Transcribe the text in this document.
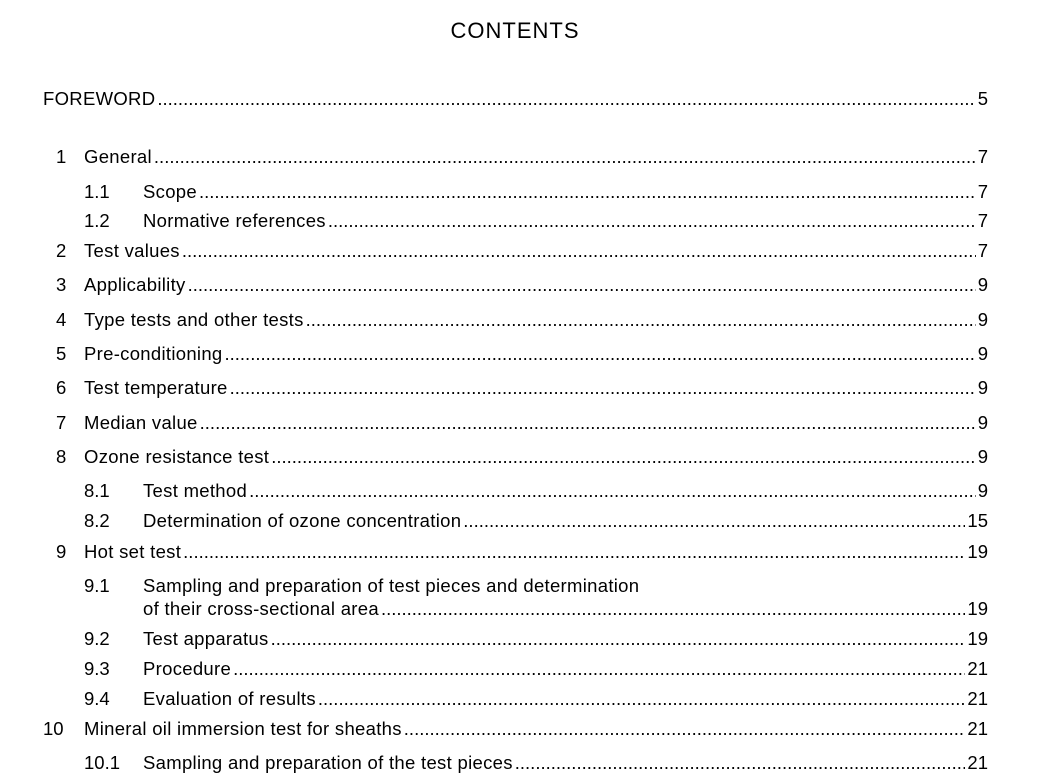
CONTENTS
FOREWORD .....	5
1 General .....	7
1.1 Scope .....	7
1.2 Normative references .....	7
2 Test values .....	7
3 Applicability .....	9
4 Type tests and other tests .....	9
5 Pre-conditioning .....	9
6 Test temperature .....	9
7 Median value .....	9
8 Ozone resistance test .....	9
8.1 Test method .....	9
8.2 Determination of ozone concentration .....	15
9 Hot set test .....	19
9.1 Sampling and preparation of test pieces and determination
of their cross-sectional area .....	19
9.2 Test apparatus .....	19
9.3 Procedure .....	21
9.4 Evaluation of results .....	21
10 Mineral oil immersion test for sheaths .....	21
10.1 Sampling and preparation of the test pieces .....	21
